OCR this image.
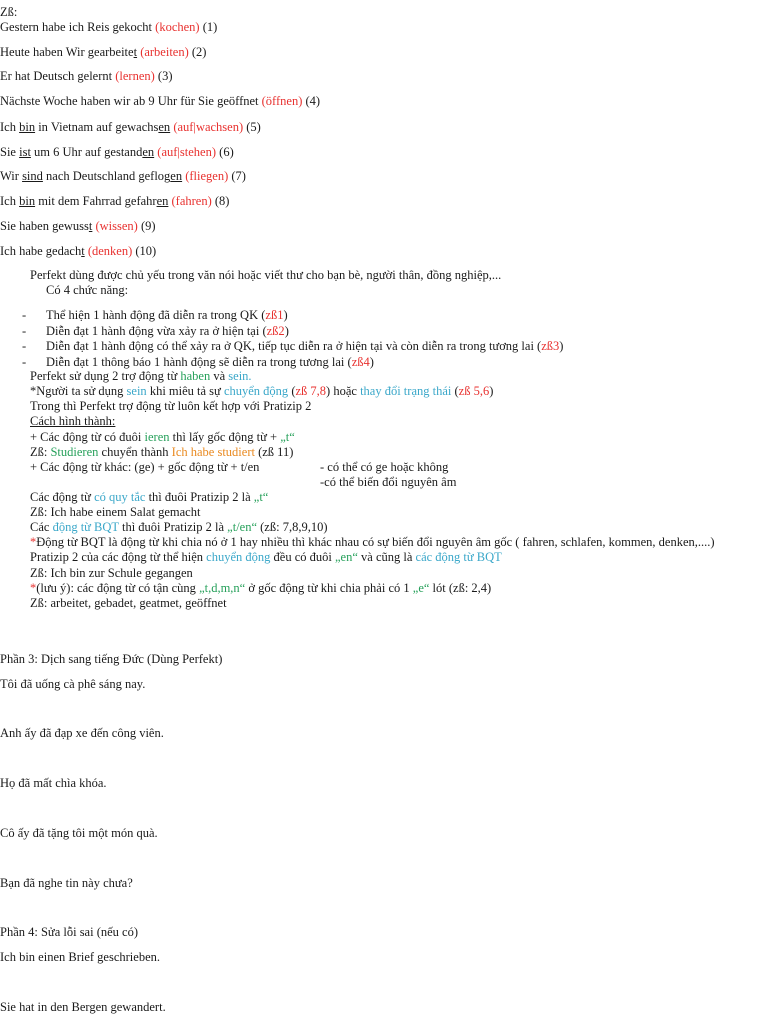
Zß:
Gestern habe ich Reis gekocht (kochen) (1)
Heute haben Wir gearbeitet (arbeiten) (2)
Er hat Deutsch gelernt (lernen) (3)
Nächste Woche haben wir ab 9 Uhr für Sie geöffnet (öffnen) (4)
Ich bin in Vietnam auf gewachsen (auf|wachsen) (5)
Sie ist um 6 Uhr auf gestanden (auf|stehen) (6)
Wir sind nach Deutschland geflogen (fliegen) (7)
Ich bin mit dem Fahrrad gefahren (fahren) (8)
Sie haben gewusst (wissen) (9)
Ich habe gedacht (denken) (10)
Perfekt dùng được chủ yếu trong văn nói hoặc viết thư cho bạn bè, người thân, đồng nghiệp,...
Có 4 chức năng:
- Thể hiện 1 hành động đã diễn ra trong QK (zß1)
- Diễn đạt 1 hành động vừa xảy ra ở hiện tại (zß2)
- Diễn đạt 1 hành động có thể xảy ra ở QK, tiếp tục diễn ra ở hiện tại và còn diễn ra trong tương lai (zß3)
- Diễn đạt 1 thông báo 1 hành động sẽ diễn ra trong tương lai (zß4)
Perfekt sử dụng 2 trợ động từ haben và sein.
*Người ta sử dụng sein khi miêu tả sự chuyển động (zß 7,8) hoặc thay đổi trạng thái (zß 5,6)
Trong thì Perfekt trợ động từ luôn kết hợp với Pratizip 2
Cách hình thành:
+ Các động từ có đuôi ieren thì lấy gốc động từ + „t“
Zß: Studieren chuyển thành Ich habe studiert (zß 11)
+ Các động từ khác: (ge) + gốc động từ + t/en	- có thể có ge hoặc không
-có thể biến đổi nguyên âm
Các động từ có quy tắc thì đuôi Pratizip 2 là „t“
Zß: Ich habe einem Salat gemacht
Các động từ BQT thì đuôi Pratizip 2 là „t/en“ (zß: 7,8,9,10)
*Động từ BQT là động từ khi chia nó ở 1 hay nhiều thì khác nhau có sự biến đổi nguyên âm gốc ( fahren, schlafen, kommen, denken,....)
Pratizip 2 của các động từ thể hiện chuyển động đều có đuôi „en“ và cũng là các động từ BQT
Zß: Ich bin zur Schule gegangen
*(lưu ý): các động từ có tận cùng „t,d,m,n“ ở gốc động từ khi chia phải có 1 „e“ lót (zß: 2,4)
Zß: arbeitet, gebadet, geatmet, geöffnet
Phần 3: Dịch sang tiếng Đức (Dùng Perfekt)
Tôi đã uống cà phê sáng nay.
Anh ấy đã đạp xe đến công viên.
Họ đã mất chìa khóa.
Cô ấy đã tặng tôi một món quà.
Bạn đã nghe tin này chưa?
Phần 4: Sửa lỗi sai (nếu có)
Ich bin einen Brief geschrieben.
Sie hat in den Bergen gewandert.
